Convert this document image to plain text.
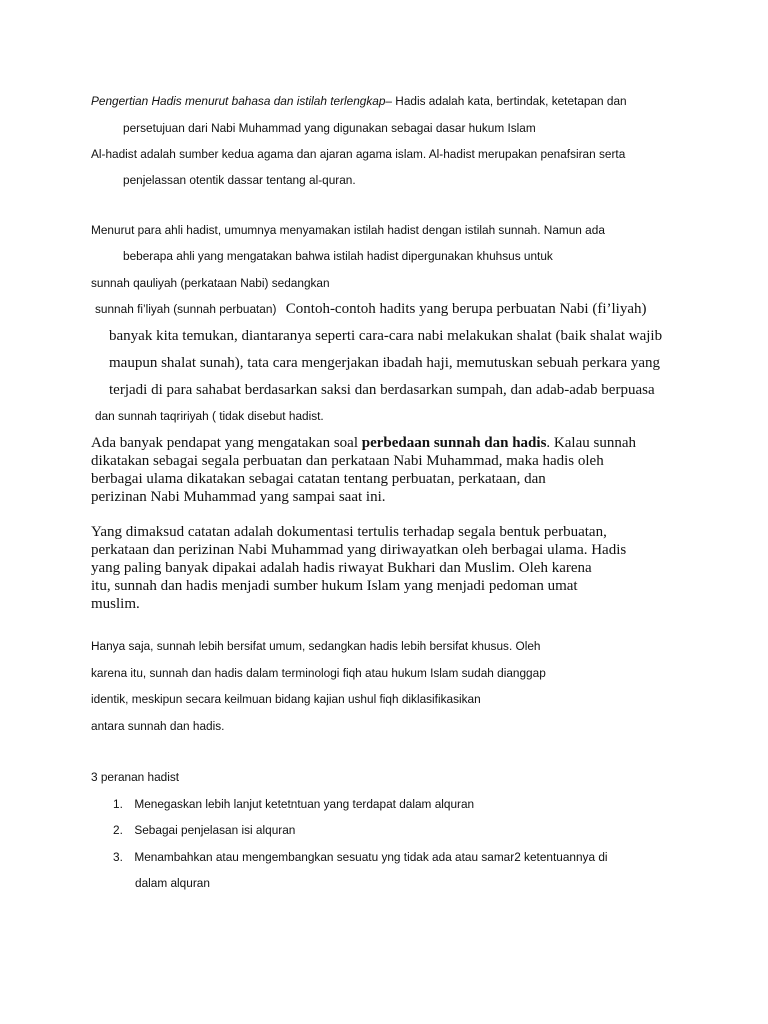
Pengertian Hadis menurut bahasa dan istilah terlengkap– Hadis adalah kata, bertindak, ketetapan dan
persetujuan dari Nabi Muhammad yang digunakan sebagai dasar hukum Islam
Al-hadist adalah sumber kedua agama dan ajaran agama islam. Al-hadist merupakan penafsiran serta
penjelassan otentik dassar tentang al-quran.
Menurut para ahli hadist, umumnya menyamakan istilah hadist dengan istilah sunnah. Namun ada
beberapa ahli yang mengatakan bahwa istilah hadist dipergunakan khuhsus untuk
sunnah qauliyah (perkataan Nabi) sedangkan
sunnah fi’liyah (sunnah perbuatan) Contoh-contoh hadits yang berupa perbuatan Nabi (fi’liyah)
banyak kita temukan, diantaranya seperti cara-cara nabi melakukan shalat (baik shalat wajib
maupun shalat sunah), tata cara mengerjakan ibadah haji, memutuskan sebuah perkara yang
terjadi di para sahabat berdasarkan saksi dan berdasarkan sumpah, dan adab-adab berpuasa
dan sunnah taqririyah ( tidak disebut hadist.
Ada banyak pendapat yang mengatakan soal perbedaan sunnah dan hadis. Kalau sunnah
dikatakan sebagai segala perbuatan dan perkataan Nabi Muhammad, maka hadis oleh
berbagai ulama dikatakan sebagai catatan tentang perbuatan, perkataan, dan
perizinan Nabi Muhammad yang sampai saat ini.
Yang dimaksud catatan adalah dokumentasi tertulis terhadap segala bentuk perbuatan,
perkataan dan perizinan Nabi Muhammad yang diriwayatkan oleh berbagai ulama. Hadis
yang paling banyak dipakai adalah hadis riwayat Bukhari dan Muslim. Oleh karena
itu, sunnah dan hadis menjadi sumber hukum Islam yang menjadi pedoman umat
muslim.
Hanya saja, sunnah lebih bersifat umum, sedangkan hadis lebih bersifat khusus. Oleh
karena itu, sunnah dan hadis dalam terminologi fiqh atau hukum Islam sudah dianggap
identik, meskipun secara keilmuan bidang kajian ushul fiqh diklasifikasikan
antara sunnah dan hadis.
3 peranan hadist
1. Menegaskan lebih lanjut ketetntuan yang terdapat dalam alquran
2. Sebagai penjelasan isi alquran
3. Menambahkan atau mengembangkan sesuatu yng tidak ada atau samar2 ketentuannya di
dalam alquran
